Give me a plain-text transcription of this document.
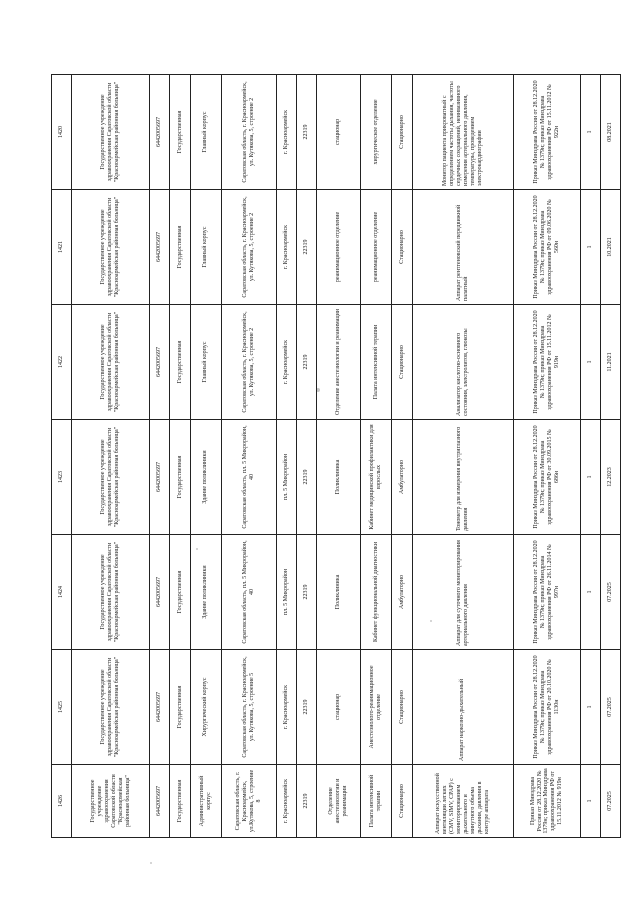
1426	1425	1424	1423	1422	1421	1420
Государственное учреждение здравоохранения Саратовской области "Красноармейская районная больница"	Государственное учреждение здравоохранения Саратовской области "Красноармейская районная больница"	Государственное учреждение здравоохранения Саратовской области "Красноармейская районная больница"	Государственное учреждение здравоохранения Саратовской области "Красноармейская районная больница"	Государственное учреждение здравоохранения Саратовской области "Красноармейская районная больница"	Государственное учреждение здравоохранения Саратовской области "Красноармейская районная больница"	Государственное учреждение здравоохранения Саратовской области "Красноармейская районная больница"
6442005697	6442005697	6442005697	6442005697	6442005697	6442005697	6442005697
Государственная	Государственная	Государственная	Государственная	Государственная	Государственная	Государственная
Административный корпус	Хирургический корпус	Здание поликлиники	Здание поликлиники	Главный корпус	Главный корпус	Главный корпус
Саратовская область, г. Красноармейск, ул.Кутякова, 5, строение 8	Саратовская область, г. Красноармейск, ул. Кутякова, 5, строение 5	Саратовская область, пл. 5 Микрорайон, 40	Саратовская область, пл. 5 Микрорайон, 40	Саратовская область, г. Красноармейск, ул. Кутякова, 5, строение 2	Саратовская область, г. Красноармейск, ул. Кутякова, 5, строение 2	Саратовская область, г. Красноармейск, ул. Кутякова, 5, строение 2
г. Красноармейск	г. Красноармейск	пл. 5 Микрорайон	пл. 5 Микрорайон	г. Красноармейск	г. Красноармейск	г. Красноармейск
22319	22319	22319	22319	22319	22319	22319
Отделение анестезиологии и реанимации	стационар	Поликлиника	Поликлиника	Отделение анестезиологии и реанимации	реанимационное отделение	стационар
Палата интенсивной терапии	Анестезиолого-реанимационное отделение	Кабинет функциональной диагностики	Кабинет медицинской профилактики для взрослых	Палата интенсивной терапии	реанимационное отделение	хирургическое отделение
Стационарно	Стационарно	Амбулаторно	Амбулаторно	Стационарно	Стационарно	Стационарно
Аппарат искусственной вентиляции легких (CMV, SIMV, CPAP) с мониторированием дыхательного и минутного объема дыхания, давления в контуре аппарата	Аппарат наркозно-дыхательный	Аппарат для суточного мониторирования артериального давления	Тонометр для измерения внутриглазного давления	Анализатор кислотно-основного состояния, электролитов, глюкозы	Аппарат рентгеновский передвижной палатный	Монитор пациента прикроватный с определением частоты дыхания, частоты сердечных сокращений, неинвазивного измерения артериального давления, температуры, проведением электрокардиографии
Приказ Минздрава России от 28.12.2020 № 1379н; приказ Минздрава здравоохранения РФ от 15.11.2012 № 919н	Приказ Минздрава России от 28.12.2020 № 1379н; приказ Минздрава здравоохранения РФ от 20.10.2020 № 1130н	Приказ Минздрава России от 28.12.2020 № 1379н; приказ Минздрава здравоохранения РФ от 26.11.2014 № 997н	Приказ Минздрава России от 28.12.2020 № 1379н; приказ Минздрава здравоохранения РФ от 30.09.2015 № 686н	Приказ Минздрава России от 28.12.2020 № 1379н; приказ Минздрава здравоохранения РФ от 15.11.2012 № 919н	Приказ Минздрава России от 28.12.2020 № 1379н; приказ Минздрава здравоохранения РФ от 09.06.2020 № 560н	Приказ Минздрава России от 28.12.2020 № 1379н; приказ Минздрава здравоохранения РФ от 15.11.2012 № 922н
1	1	1	1	1	1	1
07.2025	07.2025	07.2025	12.2023	11.2021	10.2021	08.2021
